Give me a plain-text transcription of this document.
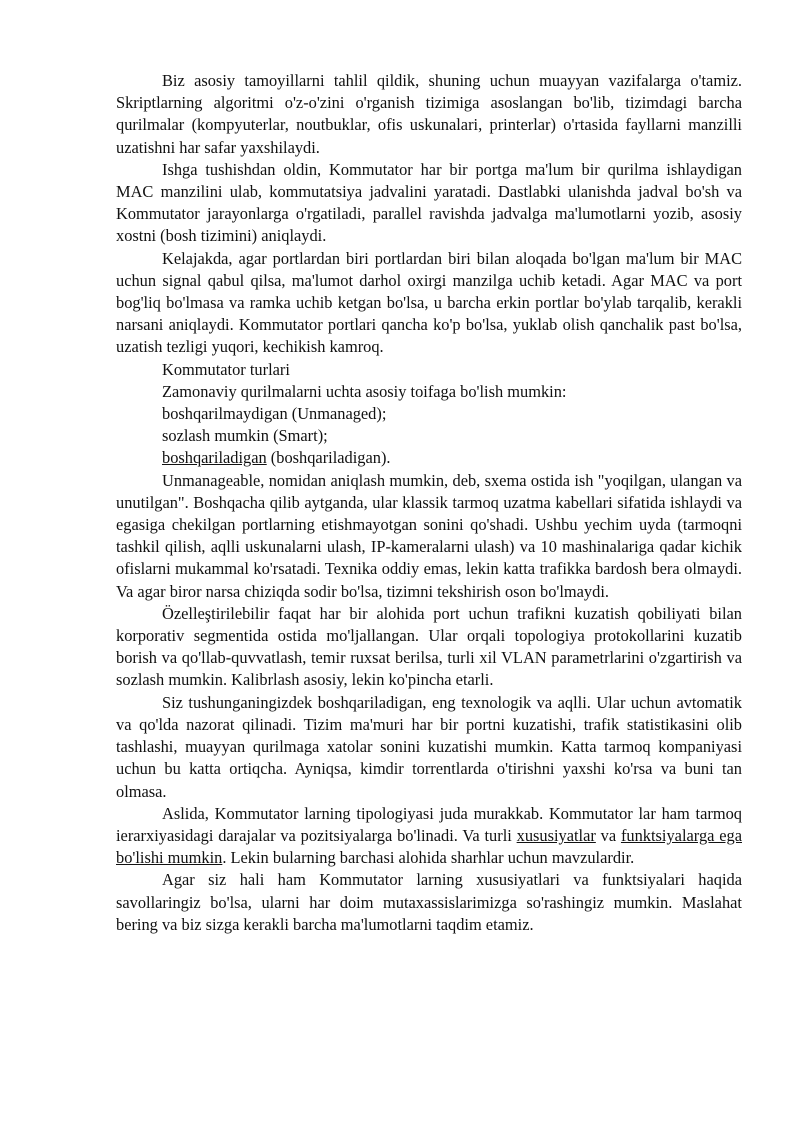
Biz asosiy tamoyillarni tahlil qildik, shuning uchun muayyan vazifalarga o'tamiz. Skriptlarning algoritmi o'z-o'zini o'rganish tizimiga asoslangan bo'lib, tizimdagi barcha qurilmalar (kompyuterlar, noutbuklar, ofis uskunalari, printerlar) o'rtasida fayllarni manzilli uzatishni har safar yaxshilaydi.

Ishga tushishdan oldin, Kommutator har bir portga ma'lum bir qurilma ishlaydigan MAC manzilini ulab, kommutatsiya jadvalini yaratadi. Dastlabki ulanishda jadval bo'sh va Kommutator jarayonlarga o'rgatiladi, parallel ravishda jadvalga ma'lumotlarni yozib, asosiy xostni (bosh tizimini) aniqlaydi.

Kelajakda, agar portlardan biri portlardan biri bilan aloqada bo'lgan ma'lum bir MAC uchun signal qabul qilsa, ma'lumot darhol oxirgi manzilga uchib ketadi. Agar MAC va port bog'liq bo'lmasa va ramka uchib ketgan bo'lsa, u barcha erkin portlar bo'ylab tarqalib, kerakli narsani aniqlaydi. Kommutator portlari qancha ko'p bo'lsa, yuklab olish qanchalik past bo'lsa, uzatish tezligi yuqori, kechikish kamroq.

Kommutator turlari

Zamonaviy qurilmalarni uchta asosiy toifaga bo'lish mumkin:

boshqarilmaydigan (Unmanaged);

sozlash mumkin (Smart);

boshqariladigan (boshqariladigan).

Unmanageable, nomidan aniqlash mumkin, deb, sxema ostida ish "yoqilgan, ulangan va unutilgan". Boshqacha qilib aytganda, ular klassik tarmoq uzatma kabellari sifatida ishlaydi va egasiga chekilgan portlarning etishmayotgan sonini qo'shadi. Ushbu yechim uyda (tarmoqni tashkil qilish, aqlli uskunalarni ulash, IP-kameralarni ulash) va 10 mashinalariga qadar kichik ofislarni mukammal ko'rsatadi. Texnika oddiy emas, lekin katta trafikka bardosh bera olmaydi. Va agar biror narsa chiziqda sodir bo'lsa, tizimni tekshirish oson bo'lmaydi.

Özelleştirilebilir faqat har bir alohida port uchun trafikni kuzatish qobiliyati bilan korporativ segmentida ostida mo'ljallangan. Ular orqali topologiya protokollarini kuzatib borish va qo'llab-quvvatlash, temir ruxsat berilsa, turli xil VLAN parametrlarini o'zgartirish va sozlash mumkin. Kalibrlash asosiy, lekin ko'pincha etarli.

Siz tushunganingizdek boshqariladigan, eng texnologik va aqlli. Ular uchun avtomatik va qo'lda nazorat qilinadi. Tizim ma'muri har bir portni kuzatishi, trafik statistikasini olib tashlashi, muayyan qurilmaga xatolar sonini kuzatishi mumkin. Katta tarmoq kompaniyasi uchun bu katta ortiqcha. Ayniqsa, kimdir torrentlarda o'tirishni yaxshi ko'rsa va buni tan olmasa.

Aslida, Kommutator larning tipologiyasi juda murakkab. Kommutator lar ham tarmoq ierarxiyasidagi darajalar va pozitsiyalarga bo'linadi. Va turli xususiyatlar va funktsiyalarga ega bo'lishi mumkin. Lekin bularning barchasi alohida sharhlar uchun mavzulardir.

Agar siz hali ham Kommutator larning xususiyatlari va funktsiyalari haqida savollaringiz bo'lsa, ularni har doim mutaxassislarimizga so'rashingiz mumkin. Maslahat bering va biz sizga kerakli barcha ma'lumotlarni taqdim etamiz.
